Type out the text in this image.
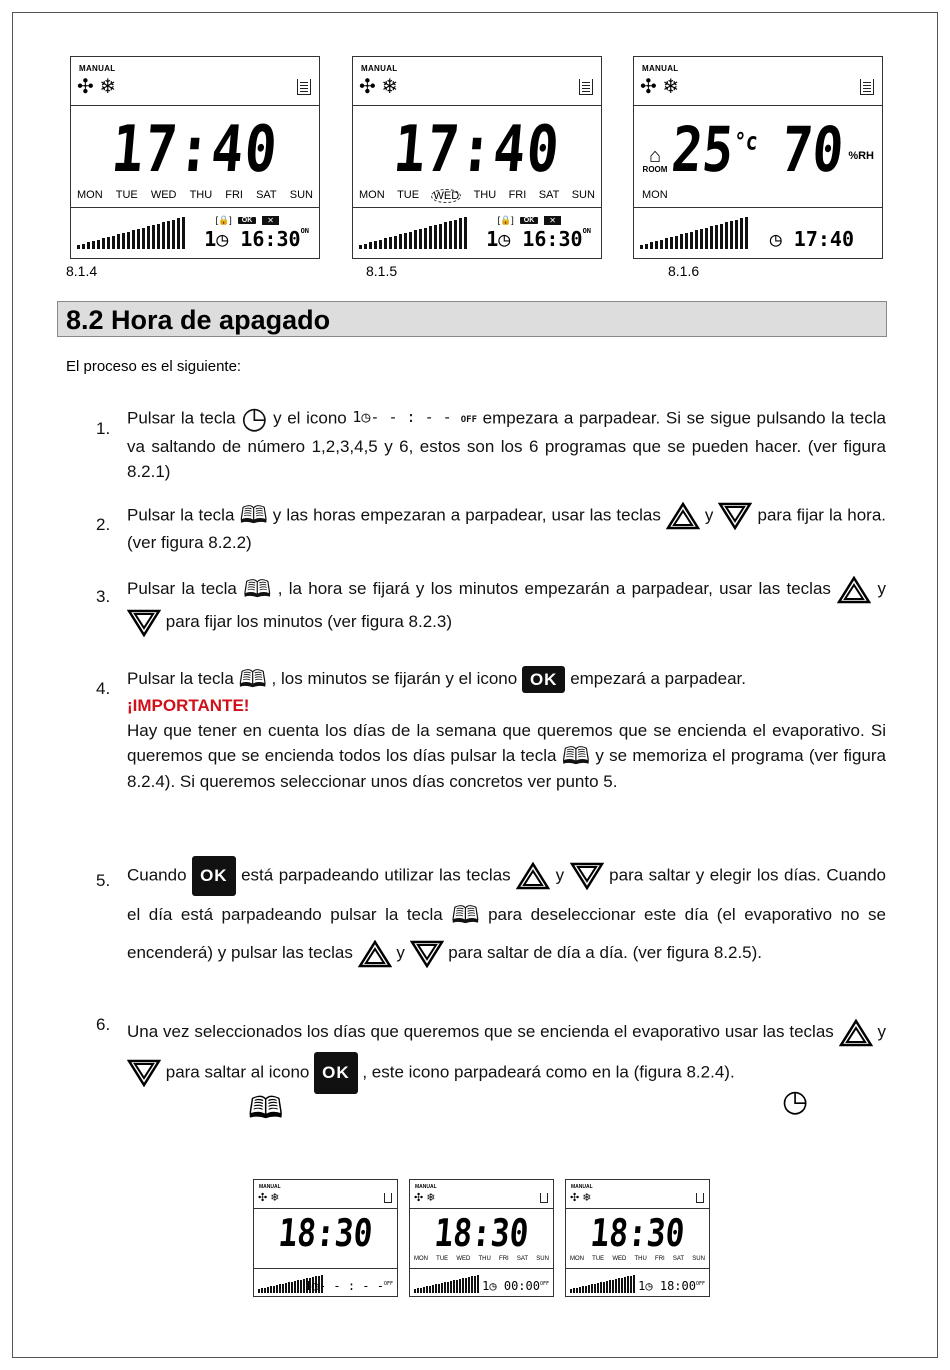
MANUAL
✣ ❄
17:40
MON TUE WED THU FRI SAT SUN
[🔒]	OK	✕
1◷ $16:30^{ON}$
8.1.4
MANUAL
✣ ❄
17:40
MON TUE WED THU FRI SAT SUN
[🔒]	OK	✕
1◷ $16:30^{ON}$
8.1.5
MANUAL
✣ ❄
⌂
ROOM $25^{^\circ c}$ 70 %RH
MON
◷ 17:40
8.1.6
8.2 Hora de apagado
El proceso es el siguiente:
1.
Pulsar la tecla ◷ y el icono 1◷- - : - - OFF empezara a parpadear. Si se sigue pulsando la tecla va saltando de número 1,2,3,4,5 y 6, estos son los 6 programas que se pueden hacer. (ver figura 8.2.1)
2.
Pulsar la tecla 🕮 y las horas empezaran a parpadear, usar las teclas	y	para fijar la hora. (ver figura 8.2.2)
3. Pulsar la tecla 🕮 , la hora se fijará y los minutos empezarán a parpadear, usar las teclas	y  para fijar los minutos (ver figura 8.2.3)
4.
Pulsar la tecla 🕮 , los minutos se fijarán y el icono OK empezará a parpadear.
¡IMPORTANTE!
Hay que tener en cuenta los días de la semana que queremos que se encienda el evaporativo. Si queremos que se encienda todos los días pulsar la tecla 🕮 y se memoriza el programa (ver figura 8.2.4). Si queremos seleccionar unos días concretos ver punto 5.
5. Cuando OK está parpadeando utilizar las teclas	y	para saltar y elegir los días. Cuando el día está parpadeando pulsar la tecla 🕮 para deseleccionar este día (el evaporativo no se encenderá) y pulsar las teclas	y	para saltar de día a día. (ver figura 8.2.5).
6. Una vez seleccionados los días que queremos que se encienda el evaporativo usar las teclas	y  para saltar al icono OK , este icono parpadeará como en la (figura 8.2.4).
🕮	◷
MANUAL
✣ ❄
18:30
1◷- - : - -$^{OFF}$
MANUAL
✣ ❄
18:30
MON TUE WED THU FRI SAT SUN
1◷ $00:00^{OFF}$
MANUAL
✣ ❄
18:30
MON TUE WED THU FRI SAT SUN
1◷ $18:00^{OFF}$
